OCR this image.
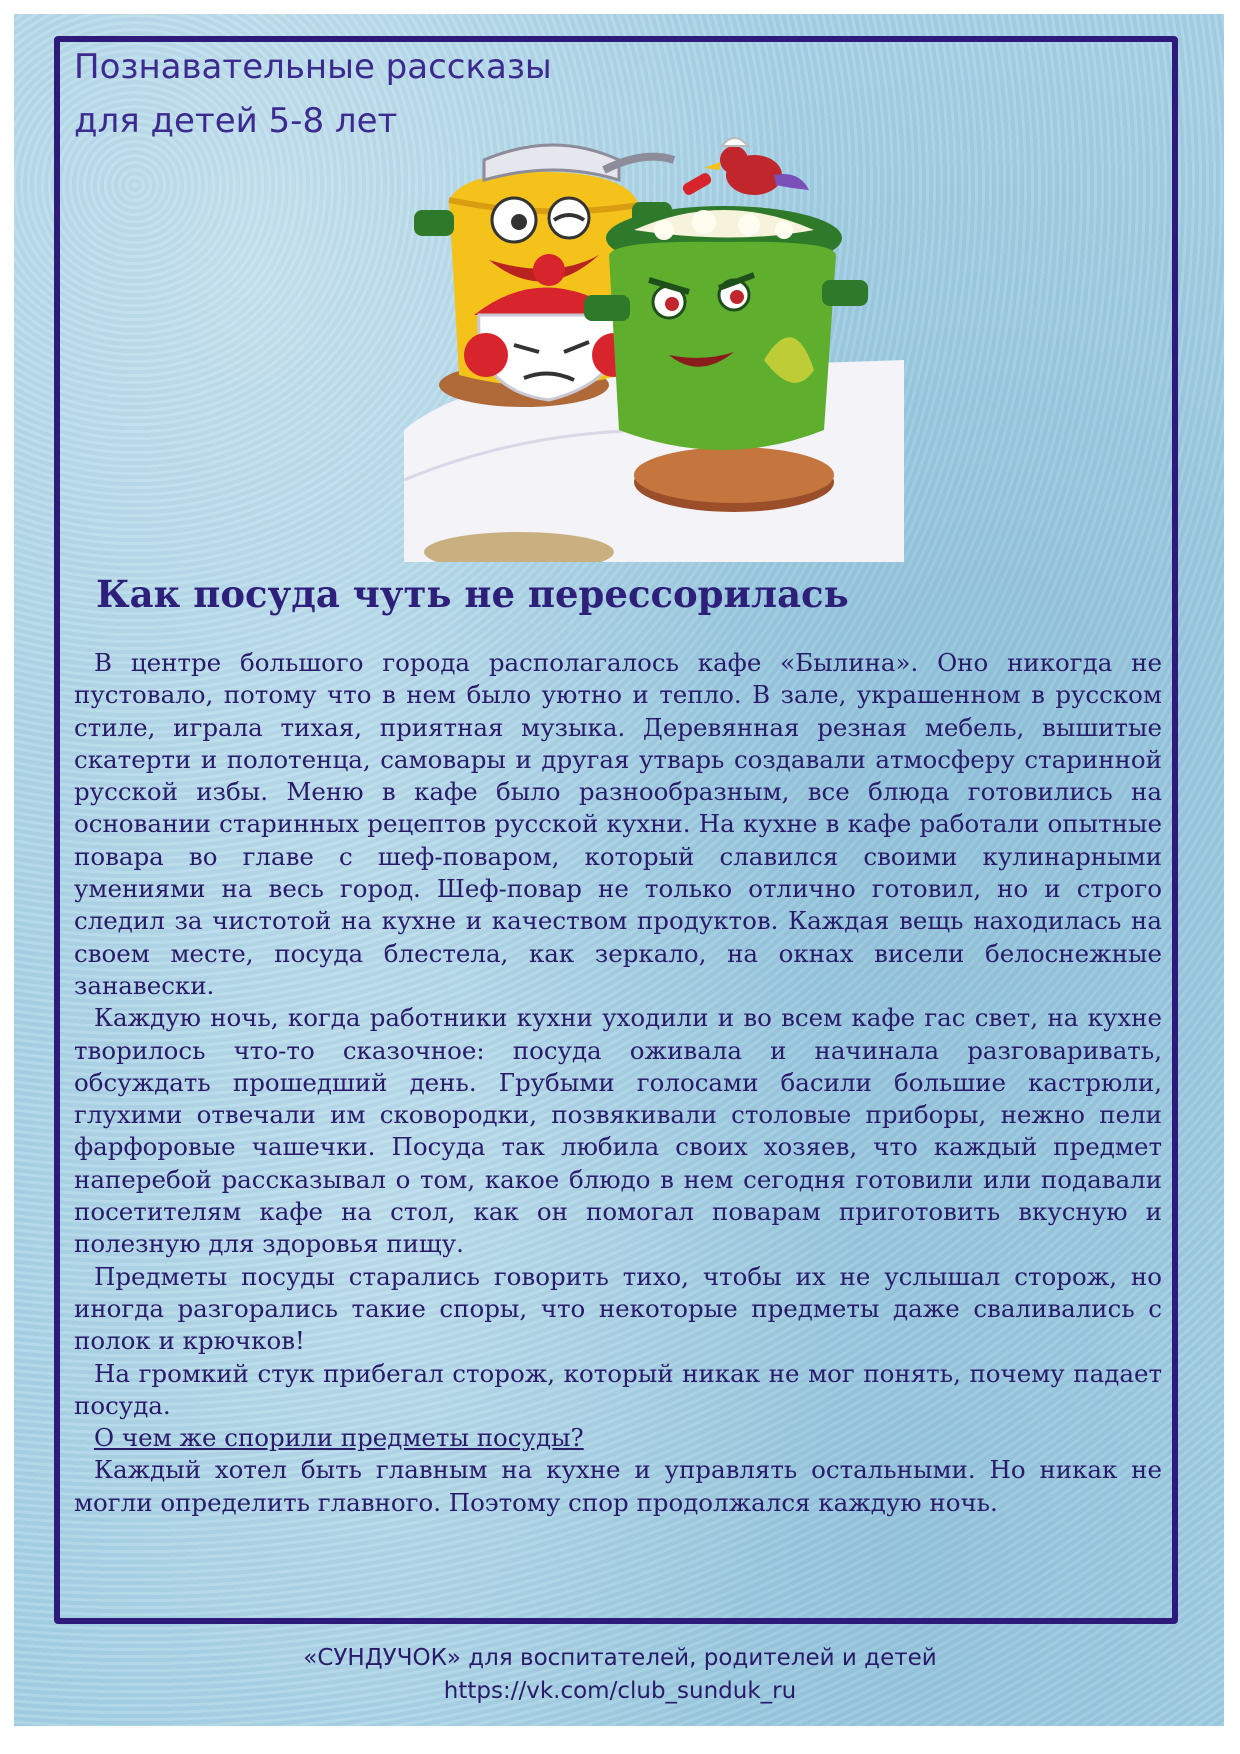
Познавательные рассказы
для детей 5-8 лет
Как посуда чуть не перессорилась

В центре большого города располагалось кафе «Былина». Оно никогда не пустовало, потому что в нем было уютно и тепло. В зале, украшенном в русском стиле, играла тихая, приятная музыка. Деревянная резная мебель, вышитые скатерти и полотенца, самовары и другая утварь создавали атмосферу старинной русской избы. Меню в кафе было разнообразным, все блюда готовились на основании старинных рецептов русской кухни. На кухне в кафе работали опытные повара во главе с шеф-поваром, который славился своими кулинарными умениями на весь город. Шеф-повар не только отлично готовил, но и строго следил за чистотой на кухне и качеством продуктов. Каждая вещь находилась на своем месте, посуда блестела, как зеркало, на окнах висели белоснежные занавески.

Каждую ночь, когда работники кухни уходили и во всем кафе гас свет, на кухне творилось что-то сказочное: посуда оживала и начинала разговаривать, обсуждать прошедший день. Грубыми голосами басили большие кастрюли, глухими отвечали им сковородки, позвякивали столовые приборы, нежно пели фарфоровые чашечки. Посуда так любила своих хозяев, что каждый предмет наперебой рассказывал о том, какое блюдо в нем сегодня готовили или подавали посетителям кафе на стол, как он помогал поварам приготовить вкусную и полезную для здоровья пищу.

Предметы посуды старались говорить тихо, чтобы их не услышал сторож, но иногда разгорались такие споры, что некоторые предметы даже сваливались с полок и крючков!

На громкий стук прибегал сторож, который никак не мог понять, почему падает посуда.

О чем же спорили предметы посуды?

Каждый хотел быть главным на кухне и управлять остальными. Но никак не могли определить главного. Поэтому спор продолжался каждую ночь.

«СУНДУЧОК» для воспитателей, родителей и детей
https://vk.com/club_sunduk_ru
